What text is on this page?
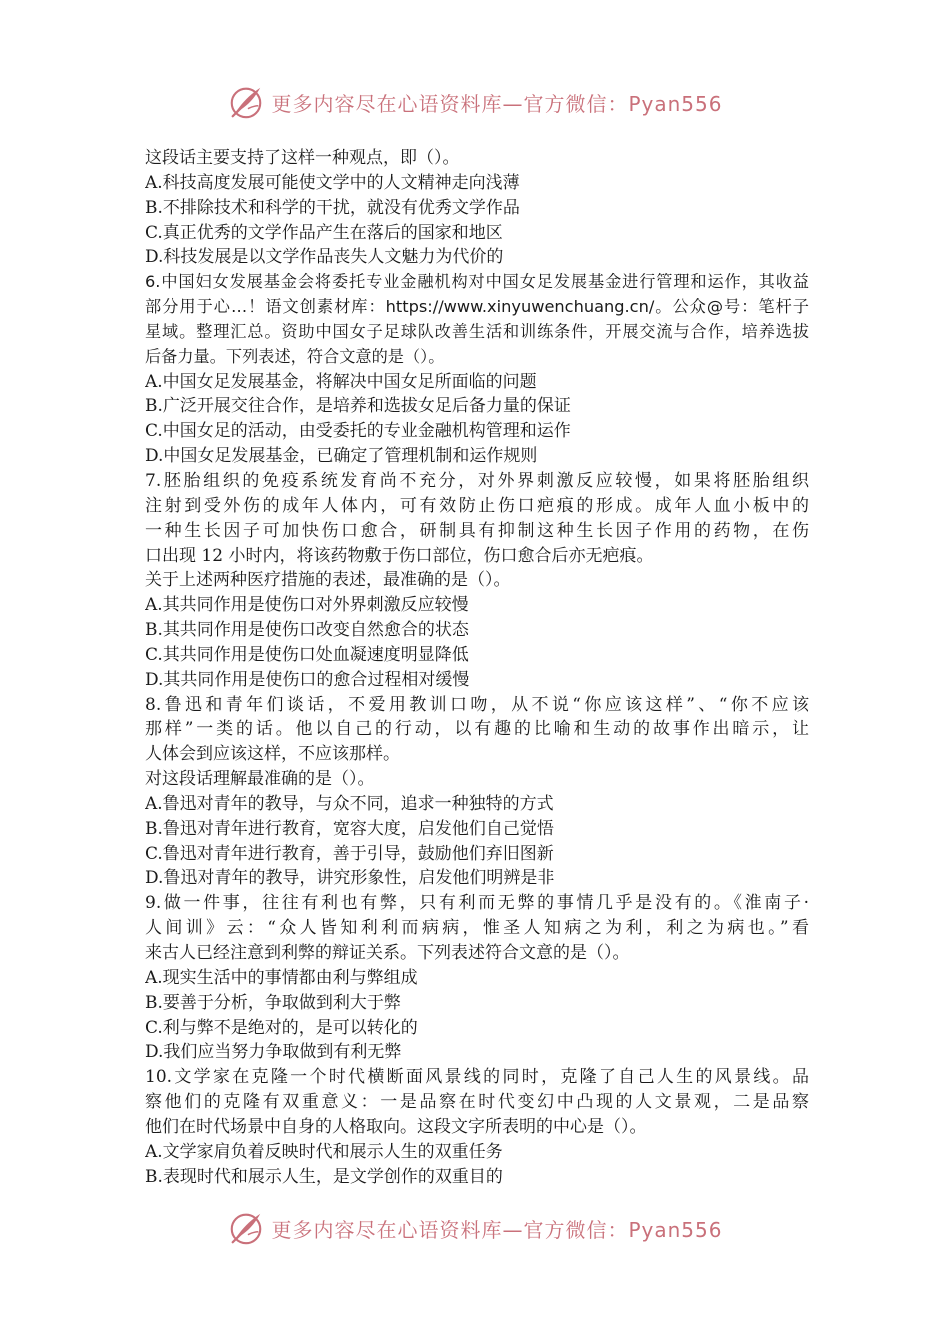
更多内容尽在心语资料库—官方微信：Pyan556
这段话主要支持了这样一种观点，即（）。
A.科技高度发展可能使文学中的人文精神走向浅薄
B.不排除技术和科学的干扰，就没有优秀文学作品
C.真正优秀的文学作品产生在落后的国家和地区
D.科技发展是以文学作品丧失人文魅力为代价的
6.中国妇女发展基金会将委托专业金融机构对中国女足发展基金进行管理和运作，其收益
部分用于心…！语文创素材库：https://www.xinyuwenchuang.cn/。公众@号：笔杆子
星域。整理汇总。资助中国女子足球队改善生活和训练条件，开展交流与合作，培养选拔
后备力量。下列表述，符合文意的是（）。
A.中国女足发展基金，将解决中国女足所面临的问题
B.广泛开展交往合作，是培养和选拔女足后备力量的保证
C.中国女足的活动，由受委托的专业金融机构管理和运作
D.中国女足发展基金，已确定了管理机制和运作规则
7.胚胎组织的免疫系统发育尚不充分，对外界刺激反应较慢，如果将胚胎组织
注射到受外伤的成年人体内，可有效防止伤口疤痕的形成。成年人血小板中的
一种生长因子可加快伤口愈合，研制具有抑制这种生长因子作用的药物，在伤
口出现 12 小时内，将该药物敷于伤口部位，伤口愈合后亦无疤痕。
关于上述两种医疗措施的表述，最准确的是（）。
A.其共同作用是使伤口对外界刺激反应较慢
B.其共同作用是使伤口改变自然愈合的状态
C.其共同作用是使伤口处血凝速度明显降低
D.其共同作用是使伤口的愈合过程相对缓慢
8.鲁迅和青年们谈话，不爱用教训口吻，从不说“你应该这样”、“你不应该
那样”一类的话。他以自己的行动，以有趣的比喻和生动的故事作出暗示，让
人体会到应该这样，不应该那样。
对这段话理解最准确的是（）。
A.鲁迅对青年的教导，与众不同，追求一种独特的方式
B.鲁迅对青年进行教育，宽容大度，启发他们自己觉悟
C.鲁迅对青年进行教育，善于引导，鼓励他们弃旧图新
D.鲁迅对青年的教导，讲究形象性，启发他们明辨是非
9.做一件事，往往有利也有弊，只有利而无弊的事情几乎是没有的。《淮南子·
人间训》云：“众人皆知利利而病病，惟圣人知病之为利，利之为病也。”看
来古人已经注意到利弊的辩证关系。下列表述符合文意的是（）。
A.现实生活中的事情都由利与弊组成
B.要善于分析，争取做到利大于弊
C.利与弊不是绝对的，是可以转化的
D.我们应当努力争取做到有利无弊
10.文学家在克隆一个时代横断面风景线的同时，克隆了自己人生的风景线。品
察他们的克隆有双重意义：一是品察在时代变幻中凸现的人文景观，二是品察
他们在时代场景中自身的人格取向。这段文字所表明的中心是（）。
A.文学家肩负着反映时代和展示人生的双重任务
B.表现时代和展示人生，是文学创作的双重目的
更多内容尽在心语资料库—官方微信：Pyan556
